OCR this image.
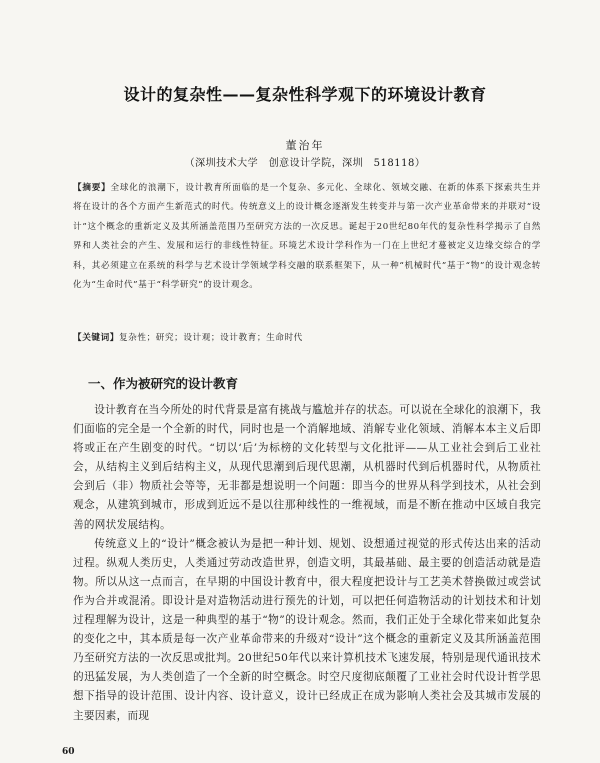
设计的复杂性——复杂性科学观下的环境设计教育
董治年
（深圳技术大学　创意设计学院，深圳　518118）
【摘要】全球化的浪潮下，设计教育所面临的是一个复杂、多元化、全球化、领域交融、在新的体系下探索共生并将在设计的各个方面产生新范式的时代。传统意义上的设计概念逐渐发生转变并与第一次产业革命带来的并联对“设计”这个概念的重新定义及其所涵盖范围乃至研究方法的一次反思。诞起于20世纪80年代的复杂性科学揭示了自然界和人类社会的产生、发展和运行的非线性特征。环境艺术设计学科作为一门在上世纪才蔓被定义边缘交综合的学科，其必须建立在系统的科学与艺术设计学领域学科交融的联系框架下，从一种“机械时代”基于“物”的设计观念转化为“生命时代”基于“科学研究”的设计观念。
【关键词】复杂性；研究；设计观；设计教育；生命时代
一、作为被研究的设计教育

设计教育在当今所处的时代背景是富有挑战与尴尬并存的状态。可以说在全球化的浪潮下，我们面临的完全是一个全新的时代，同时也是一个消解地域、消解专业化领域、消解本本主义后即将或正在产生剧变的时代。“切以‘后’为标榜的文化转型与文化批评——从工业社会到后工业社会，从结构主义到后结构主义，从现代思潮到后现代思潮，从机器时代到后机器时代，从物质社会到后（非）物质社会等等，无非都是想说明一个问题：即当今的世界从科学到技术，从社会到观念，从建筑到城市，形成到近远不是以往那种线性的一维视域，而是不断在推动中区域自我完善的网状发展结构。

传统意义上的“设计”概念被认为是把一种计划、规划、设想通过视觉的形式传达出来的活动过程。纵观人类历史，人类通过劳动改造世界，创造文明，其最基础、最主要的创造活动就是造物。所以从这一点而言，在早期的中国设计教育中，很大程度把设计与工艺美术替换做过或尝试作为合并或混淆。即设计是对造物活动进行预先的计划，可以把任何造物活动的计划技术和计划过程理解为设计，这是一种典型的基于“物”的设计观念。然而，我们正处于全球化带来如此复杂的变化之中，其本质是每一次产业革命带来的升级对“设计”这个概念的重新定义及其所涵盖范围乃至研究方法的一次反思或批判。20世纪50年代以来计算机技术飞速发展，特别是现代通讯技术的迅猛发展，为人类创造了一个全新的时空概念。时空尺度彻底颠覆了工业社会时代设计哲学思想下指导的设计范围、设计内容、设计意义，设计已经成正在成为影响人类社会及其城市发展的主要因素，而现

60
